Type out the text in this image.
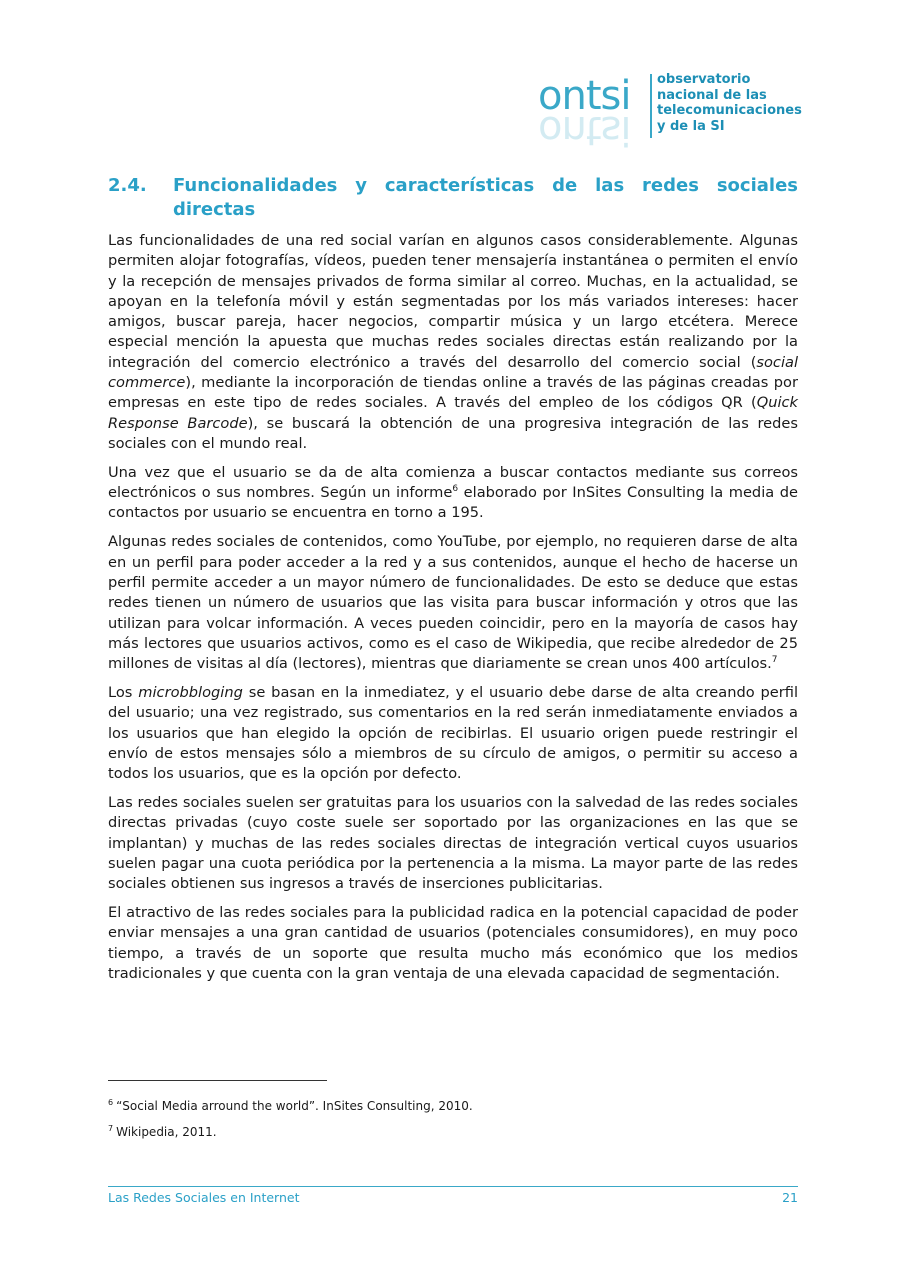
ontsi
ontsi
observatorio
nacional de las
telecomunicaciones
y de la SI
2.4. Funcionalidades y características de las redes sociales directas

Las funcionalidades de una red social varían en algunos casos considerablemente. Algunas permiten alojar fotografías, vídeos, pueden tener mensajería instantánea o permiten el envío y la recepción de mensajes privados de forma similar al correo. Muchas, en la actualidad, se apoyan en la telefonía móvil y están segmentadas por los más variados intereses: hacer amigos, buscar pareja, hacer negocios, compartir música y un largo etcétera. Merece especial mención la apuesta que muchas redes sociales directas están realizando por la integración del comercio electrónico a través del desarrollo del comercio social (social commerce), mediante la incorporación de tiendas online a través de las páginas creadas por empresas en este tipo de redes sociales. A través del empleo de los códigos QR (Quick Response Barcode), se buscará la obtención de una progresiva integración de las redes sociales con el mundo real.

Una vez que el usuario se da de alta comienza a buscar contactos mediante sus correos electrónicos o sus nombres. Según un informe$^6$ elaborado por InSites Consulting la media de contactos por usuario se encuentra en torno a 195.

Algunas redes sociales de contenidos, como YouTube, por ejemplo, no requieren darse de alta en un perfil para poder acceder a la red y a sus contenidos, aunque el hecho de hacerse un perfil permite acceder a un mayor número de funcionalidades. De esto se deduce que estas redes tienen un número de usuarios que las visita para buscar información y otros que las utilizan para volcar información. A veces pueden coincidir, pero en la mayoría de casos hay más lectores que usuarios activos, como es el caso de Wikipedia, que recibe alrededor de 25 millones de visitas al día (lectores), mientras que diariamente se crean unos 400 artículos.$^7$

Los microbbloging se basan en la inmediatez, y el usuario debe darse de alta creando perfil del usuario; una vez registrado, sus comentarios en la red serán inmediatamente enviados a los usuarios que han elegido la opción de recibirlas. El usuario origen puede restringir el envío de estos mensajes sólo a miembros de su círculo de amigos, o permitir su acceso a todos los usuarios, que es la opción por defecto.

Las redes sociales suelen ser gratuitas para los usuarios con la salvedad de las redes sociales directas privadas (cuyo coste suele ser soportado por las organizaciones en las que se implantan) y muchas de las redes sociales directas de integración vertical cuyos usuarios suelen pagar una cuota periódica por la pertenencia a la misma. La mayor parte de las redes sociales obtienen sus ingresos a través de inserciones publicitarias.

El atractivo de las redes sociales para la publicidad radica en la potencial capacidad de poder enviar mensajes a una gran cantidad de usuarios (potenciales consumidores), en muy poco tiempo, a través de un soporte que resulta mucho más económico que los medios tradicionales y que cuenta con la gran ventaja de una elevada capacidad de segmentación.

$^6$ “Social Media arround the world”. InSites Consulting, 2010.
$^7$ Wikipedia, 2011.
Las Redes Sociales en Internet	21
